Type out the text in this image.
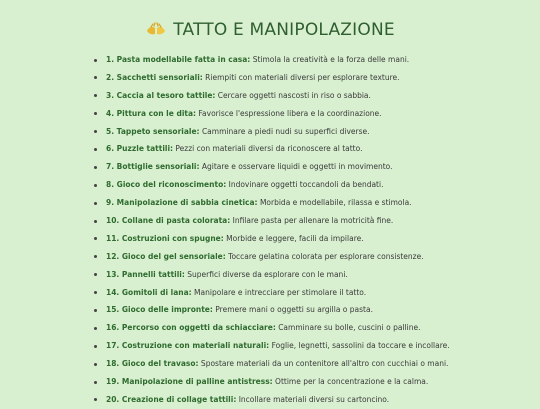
TATTO E MANIPOLAZIONE
1. Pasta modellabile fatta in casa: Stimola la creatività e la forza delle mani.
2. Sacchetti sensoriali: Riempiti con materiali diversi per esplorare texture.
3. Caccia al tesoro tattile: Cercare oggetti nascosti in riso o sabbia.
4. Pittura con le dita: Favorisce l'espressione libera e la coordinazione.
5. Tappeto sensoriale: Camminare a piedi nudi su superfici diverse.
6. Puzzle tattili: Pezzi con materiali diversi da riconoscere al tatto.
7. Bottiglie sensoriali: Agitare e osservare liquidi e oggetti in movimento.
8. Gioco del riconoscimento: Indovinare oggetti toccandoli da bendati.
9. Manipolazione di sabbia cinetica: Morbida e modellabile, rilassa e stimola.
10. Collane di pasta colorata: Infilare pasta per allenare la motricità fine.
11. Costruzioni con spugne: Morbide e leggere, facili da impilare.
12. Gioco del gel sensoriale: Toccare gelatina colorata per esplorare consistenze.
13. Pannelli tattili: Superfici diverse da esplorare con le mani.
14. Gomitoli di lana: Manipolare e intrecciare per stimolare il tatto.
15. Gioco delle impronte: Premere mani o oggetti su argilla o pasta.
16. Percorso con oggetti da schiacciare: Camminare su bolle, cuscini o palline.
17. Costruzione con materiali naturali: Foglie, legnetti, sassolini da toccare e incollare.
18. Gioco del travaso: Spostare materiali da un contenitore all'altro con cucchiai o mani.
19. Manipolazione di palline antistress: Ottime per la concentrazione e la calma.
20. Creazione di collage tattili: Incollare materiali diversi su cartoncino.
